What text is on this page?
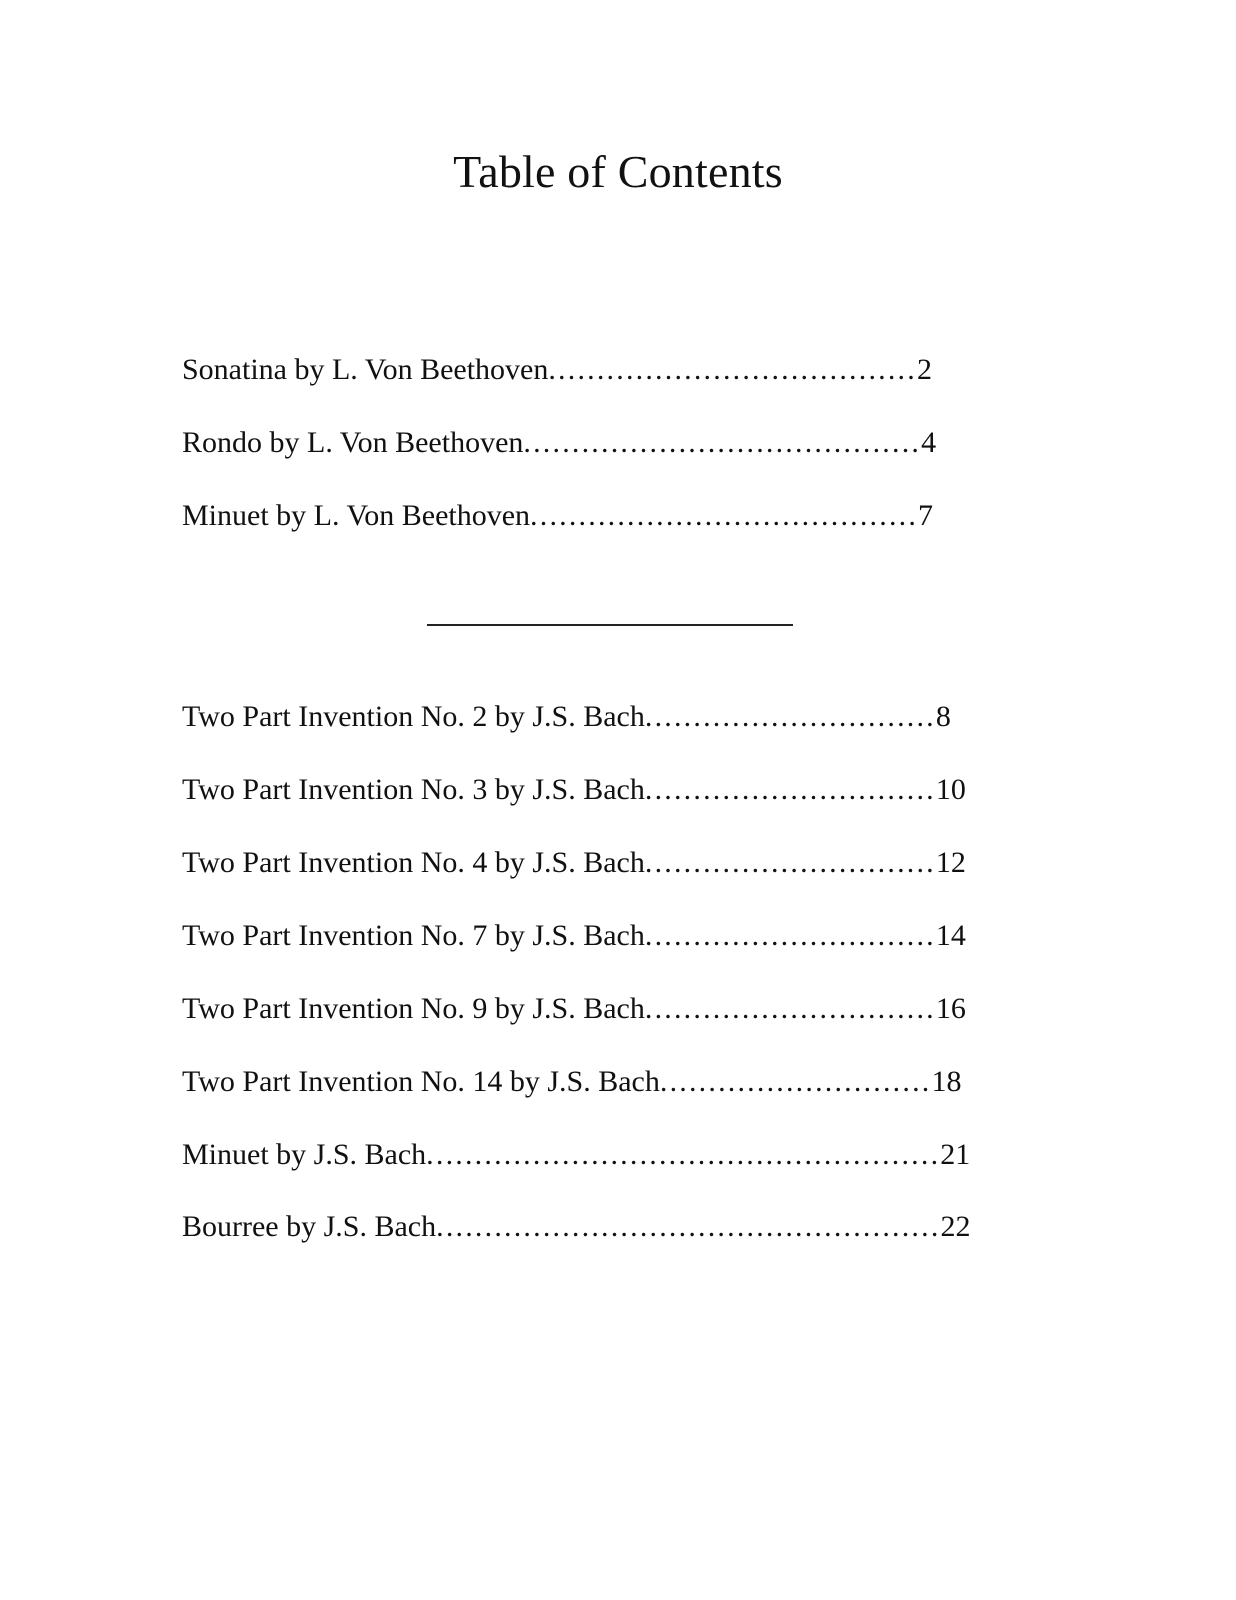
Table of Contents
Sonatina by L. Von Beethoven......................................2
Rondo by L. Von Beethoven.........................................4
Minuet by L. Von Beethoven........................................7
Two Part Invention No. 2 by J.S. Bach..............................8
Two Part Invention No. 3 by J.S. Bach..............................10
Two Part Invention No. 4 by J.S. Bach..............................12
Two Part Invention No. 7 by J.S. Bach..............................14
Two Part Invention No. 9 by J.S. Bach..............................16
Two Part Invention No. 14 by J.S. Bach............................18
Minuet by J.S. Bach.....................................................21
Bourree by J.S. Bach....................................................22
